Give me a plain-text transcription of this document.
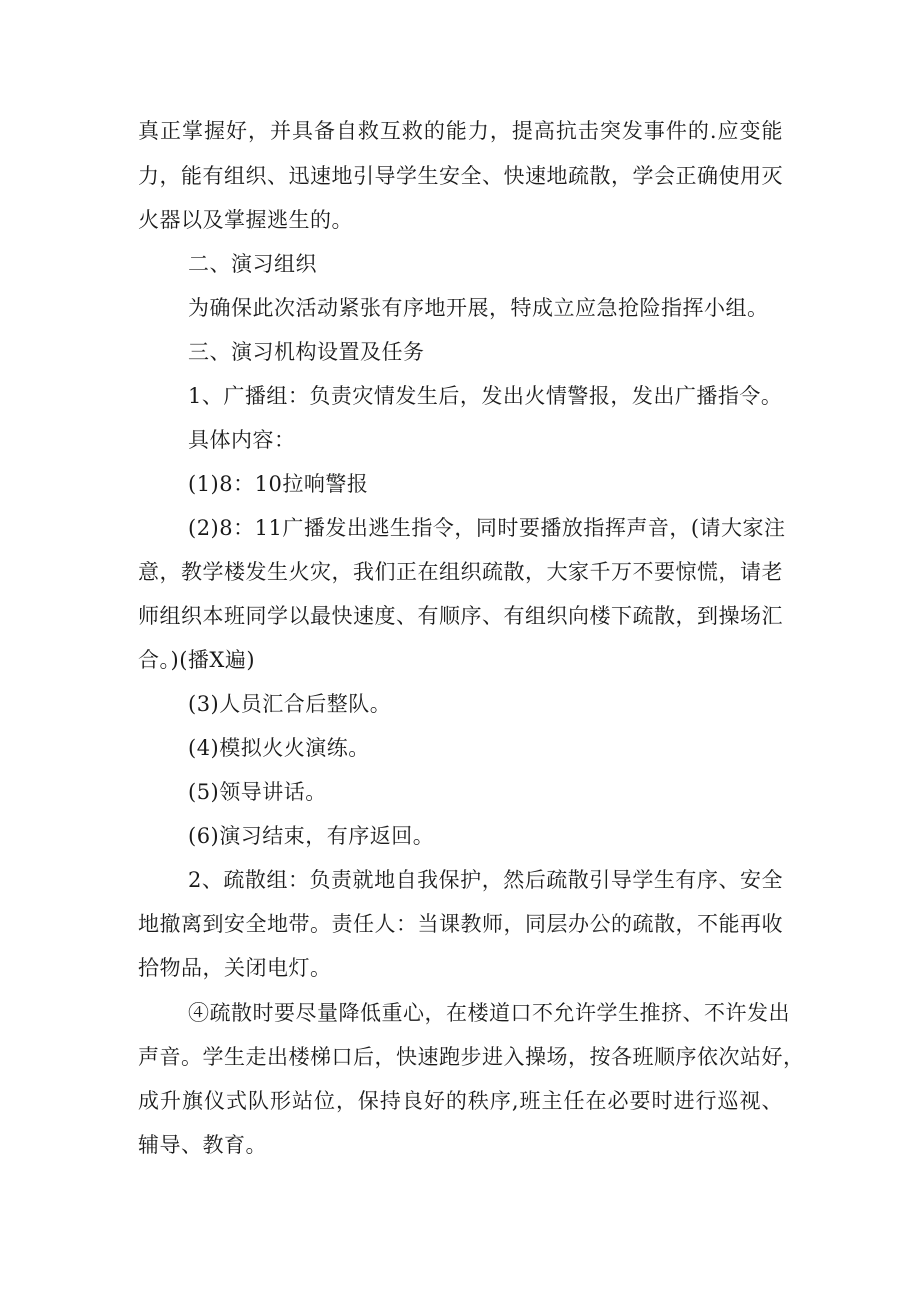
真正掌握好，并具备自救互救的能力，提高抗击突发事件的.应变能
力，能有组织、迅速地引导学生安全、快速地疏散，学会正确使用灭
火器以及掌握逃生的。
二、演习组织
为确保此次活动紧张有序地开展，特成立应急抢险指挥小组。
三、演习机构设置及任务
1、广播组：负责灾情发生后，发出火情警报，发出广播指令。
具体内容：
(1)8：10拉响警报
(2)8：11广播发出逃生指令，同时要播放指挥声音，(请大家注
意，教学楼发生火灾，我们正在组织疏散，大家千万不要惊慌，请老
师组织本班同学以最快速度、有顺序、有组织向楼下疏散，到操场汇
合。)(播X遍)
(3)人员汇合后整队。
(4)模拟火火演练。
(5)领导讲话。
(6)演习结束，有序返回。
2、疏散组：负责就地自我保护，然后疏散引导学生有序、安全
地撤离到安全地带。责任人：当课教师，同层办公的疏散，不能再收
拾物品，关闭电灯。
④疏散时要尽量降低重心，在楼道口不允许学生推挤、不许发出
声音。学生走出楼梯口后，快速跑步进入操场，按各班顺序依次站好，
成升旗仪式队形站位，保持良好的秩序,班主任在必要时进行巡视、
辅导、教育。
